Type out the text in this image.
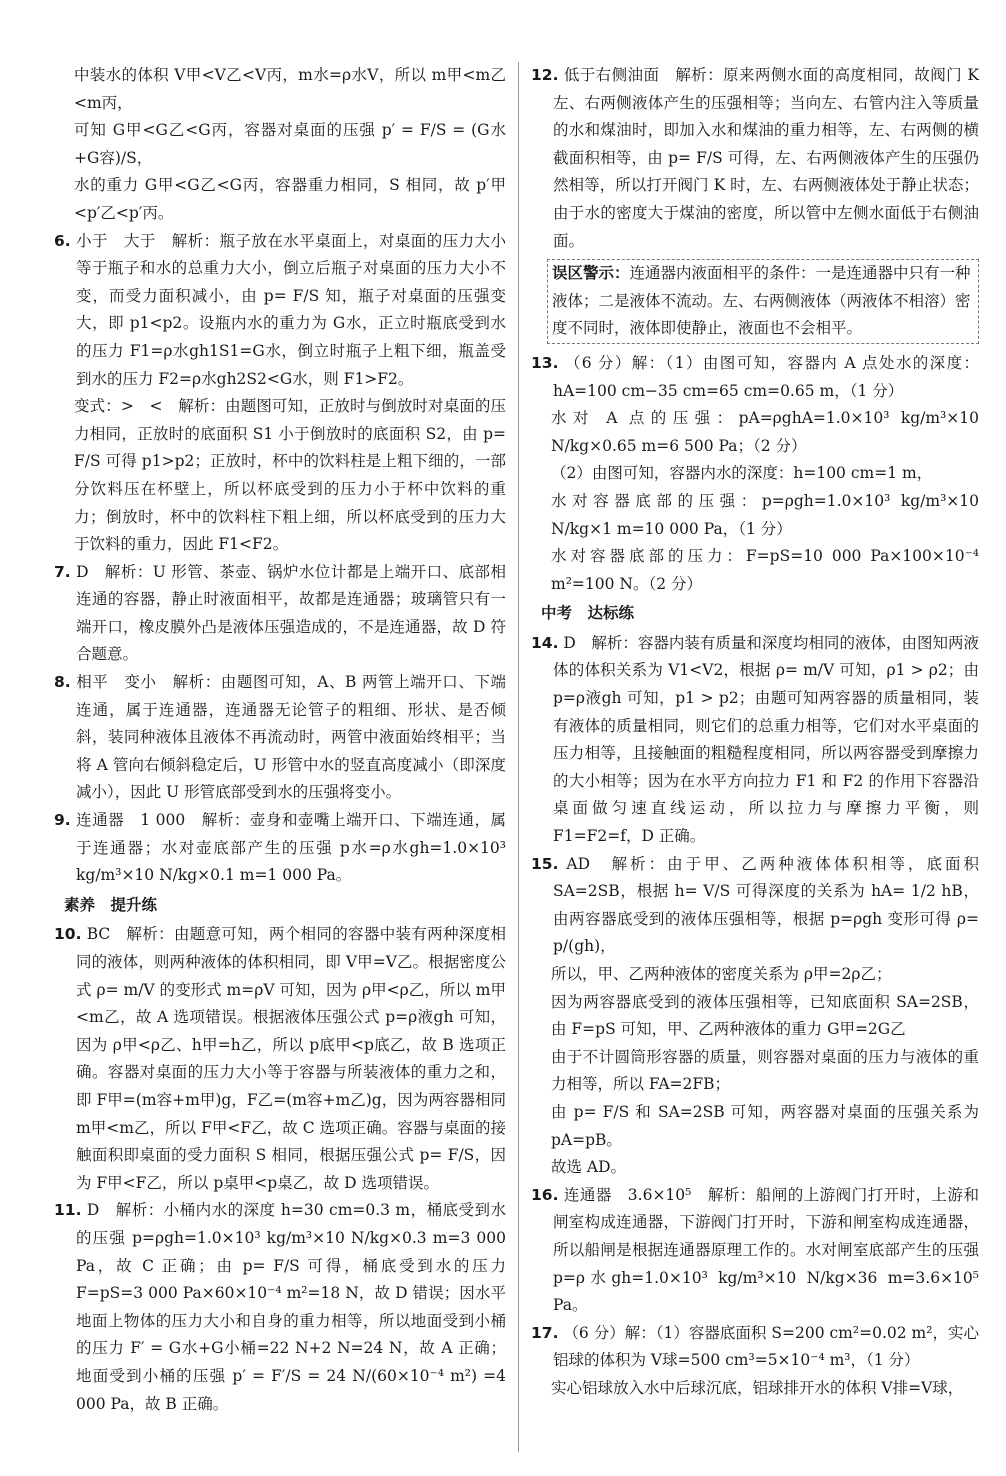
中装水的体积 V甲<V乙<V丙，m水=ρ水V，所以 m甲<m乙<m丙，

可知 G甲<G乙<G丙，容器对桌面的压强 p′ = F/S = (G水+G容)/S，

水的重力 G甲<G乙<G丙，容器重力相同，S 相同，故 p′甲<p′乙<p′丙。

6. 小于　大于　解析：瓶子放在水平桌面上，对桌面的压力大小等于瓶子和水的总重力大小，倒立后瓶子对桌面的压力大小不变，而受力面积减小，由 p= F/S 知，瓶子对桌面的压强变大，即 p1<p2。设瓶内水的重力为 G水，正立时瓶底受到水的压力 F1=ρ水gh1S1=G水，倒立时瓶子上粗下细，瓶盖受到水的压力 F2=ρ水gh2S2<G水，则 F1>F2。

变式：>　<　解析：由题图可知，正放时与倒放时对桌面的压力相同，正放时的底面积 S1 小于倒放时的底面积 S2，由 p= F/S 可得 p1>p2；正放时，杯中的饮料柱是上粗下细的，一部分饮料压在杯壁上，所以杯底受到的压力小于杯中饮料的重力；倒放时，杯中的饮料柱下粗上细，所以杯底受到的压力大于饮料的重力，因此 F1<F2。

7. D　解析：U 形管、茶壶、锅炉水位计都是上端开口、底部相连通的容器，静止时液面相平，故都是连通器；玻璃管只有一端开口，橡皮膜外凸是液体压强造成的，不是连通器，故 D 符合题意。

8. 相平　变小　解析：由题图可知，A、B 两管上端开口、下端连通，属于连通器，连通器无论管子的粗细、形状、是否倾斜，装同种液体且液体不再流动时，两管中液面始终相平；当将 A 管向右倾斜稳定后，U 形管中水的竖直高度减小（即深度减小），因此 U 形管底部受到水的压强将变小。

9. 连通器　1 000　解析：壶身和壶嘴上端开口、下端连通，属于连通器；水对壶底部产生的压强 p水=ρ水gh=1.0×10³ kg/m³×10 N/kg×0.1 m=1 000 Pa。

素养　提升练

10. BC　解析：由题意可知，两个相同的容器中装有两种深度相同的液体，则两种液体的体积相同，即 V甲=V乙。根据密度公式 ρ= m/V 的变形式 m=ρV 可知，因为 ρ甲<ρ乙，所以 m甲<m乙，故 A 选项错误。根据液体压强公式 p=ρ液gh 可知，因为 ρ甲<ρ乙、h甲=h乙，所以 p底甲<p底乙，故 B 选项正确。容器对桌面的压力大小等于容器与所装液体的重力之和，即 F甲=(m容+m甲)g，F乙=(m容+m乙)g，因为两容器相同 m甲<m乙，所以 F甲<F乙，故 C 选项正确。容器与桌面的接触面积即桌面的受力面积 S 相同，根据压强公式 p= F/S，因为 F甲<F乙，所以 p桌甲<p桌乙，故 D 选项错误。

11. D　解析：小桶内水的深度 h=30 cm=0.3 m，桶底受到水的压强 p=ρgh=1.0×10³ kg/m³×10 N/kg×0.3 m=3 000 Pa，故 C 正确；由 p= F/S 可得，桶底受到水的压力 F=pS=3 000 Pa×60×10⁻⁴ m²=18 N，故 D 错误；因水平地面上物体的压力大小和自身的重力相等，所以地面受到小桶的压力 F′ = G水+G小桶=22 N+2 N=24 N，故 A 正确；地面受到小桶的压强 p′ = F′/S = 24 N/(60×10⁻⁴ m²) =4 000 Pa，故 B 正确。

12. 低于右侧油面　解析：原来两侧水面的高度相同，故阀门 K 左、右两侧液体产生的压强相等；当向左、右管内注入等质量的水和煤油时，即加入水和煤油的重力相等，左、右两侧的横截面积相等，由 p= F/S 可得，左、右两侧液体产生的压强仍然相等，所以打开阀门 K 时，左、右两侧液体处于静止状态；由于水的密度大于煤油的密度，所以管中左侧水面低于右侧油面。

误区警示：连通器内液面相平的条件：一是连通器中只有一种液体；二是液体不流动。左、右两侧液体（两液体不相溶）密度不同时，液体即使静止，液面也不会相平。

13. （6 分）解：（1）由图可知，容器内 A 点处水的深度：hA=100 cm−35 cm=65 cm=0.65 m，（1 分）

水对 A 点的压强：pA=ρghA=1.0×10³ kg/m³×10 N/kg×0.65 m=6 500 Pa；（2 分）

（2）由图可知，容器内水的深度：h=100 cm=1 m，

水对容器底部的压强：p=ρgh=1.0×10³ kg/m³×10 N/kg×1 m=10 000 Pa，（1 分）

水对容器底部的压力：F=pS=10 000 Pa×100×10⁻⁴ m²=100 N。（2 分）

中考　达标练

14. D　解析：容器内装有质量和深度均相同的液体，由图知两液体的体积关系为 V1<V2，根据 ρ= m/V 可知，ρ1 > ρ2；由 p=ρ液gh 可知，p1 > p2；由题可知两容器的质量相同，装有液体的质量相同，则它们的总重力相等，它们对水平桌面的压力相等，且接触面的粗糙程度相同，所以两容器受到摩擦力的大小相等；因为在水平方向拉力 F1 和 F2 的作用下容器沿桌面做匀速直线运动，所以拉力与摩擦力平衡，则 F1=F2=f，D 正确。

15. AD　解析：由于甲、乙两种液体体积相等，底面积 SA=2SB，根据 h= V/S 可得深度的关系为 hA= 1/2 hB，由两容器底受到的液体压强相等，根据 p=ρgh 变形可得 ρ= p/(gh)，

所以，甲、乙两种液体的密度关系为 ρ甲=2ρ乙；

因为两容器底受到的液体压强相等，已知底面积 SA=2SB，由 F=pS 可知，甲、乙两种液体的重力 G甲=2G乙

由于不计圆筒形容器的质量，则容器对桌面的压力与液体的重力相等，所以 FA=2FB；

由 p= F/S 和 SA=2SB 可知，两容器对桌面的压强关系为 pA=pB。

故选 AD。

16. 连通器　3.6×10⁵　解析：船闸的上游阀门打开时，上游和闸室构成连通器，下游阀门打开时，下游和闸室构成连通器，所以船闸是根据连通器原理工作的。水对闸室底部产生的压强 p=ρ水gh=1.0×10³ kg/m³×10 N/kg×36 m=3.6×10⁵ Pa。

17. （6 分）解：（1）容器底面积 S=200 cm²=0.02 m²，实心铝球的体积为 V球=500 cm³=5×10⁻⁴ m³，（1 分）

实心铝球放入水中后球沉底，铝球排开水的体积 V排=V球，
